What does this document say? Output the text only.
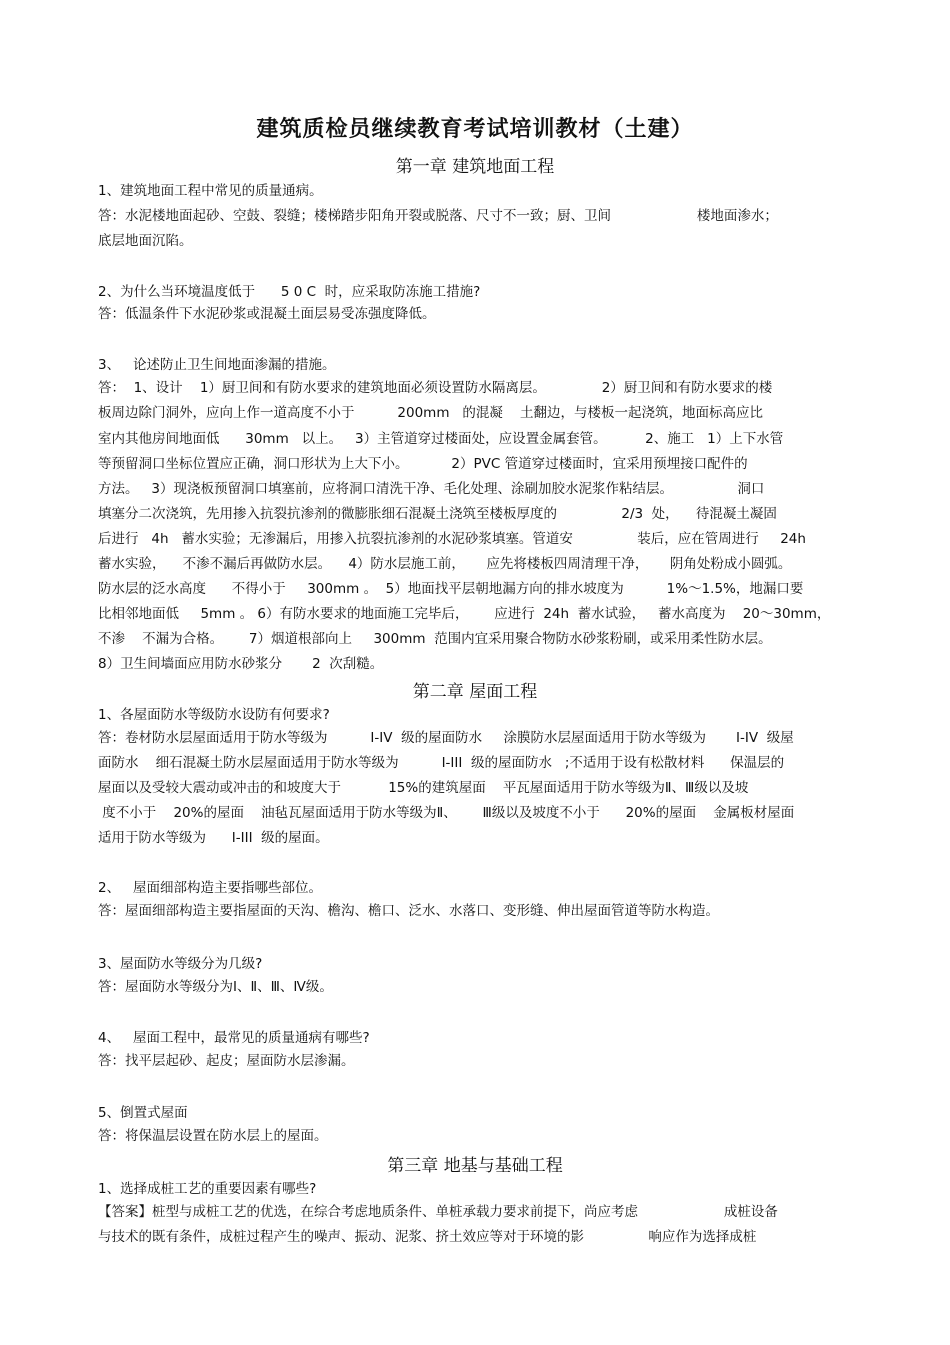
建筑质检员继续教育考试培训教材（土建）
第一章 建筑地面工程
1、建筑地面工程中常见的质量通病。
答：水泥楼地面起砂、空鼓、裂缝；楼梯踏步阳角开裂或脱落、尺寸不一致；厨、卫间                    楼地面渗水；
底层地面沉陷。
2、为什么当环境温度低于      5 0 C  时，应采取防冻施工措施?
答：低温条件下水泥砂浆或混凝土面层易受冻强度降低。
3、   论述防止卫生间地面渗漏的措施。
答：  1、设计    1）厨卫间和有防水要求的建筑地面必须设置防水隔离层。             2）厨卫间和有防水要求的楼
板周边除门洞外，应向上作一道高度不小于          200mm   的混凝    土翻边，与楼板一起浇筑，地面标高应比
室内其他房间地面低      30mm   以上。   3）主管道穿过楼面处，应设置金属套管。         2、施工   1）上下水管
等预留洞口坐标位置应正确，洞口形状为上大下小。          2）PVC 管道穿过楼面时，宜采用预埋接口配件的
方法。   3）现浇板预留洞口填塞前，应将洞口清洗干净、毛化处理、涂刷加胶水泥浆作粘结层。               洞口
填塞分二次浇筑，先用掺入抗裂抗渗剂的微膨胀细石混凝土浇筑至楼板厚度的               2/3  处，    待混凝土凝固
后进行   4h   蓄水实验；无渗漏后，用掺入抗裂抗渗剂的水泥砂浆填塞。管道安               装后，应在管周进行     24h
蓄水实验，    不渗不漏后再做防水层。    4）防水层施工前，     应先将楼板四周清理干净，     阴角处粉成小圆弧。
防水层的泛水高度      不得小于     300mm 。  5）地面找平层朝地漏方向的排水坡度为          1%～1.5%，地漏口要
比相邻地面低     5mm 。 6）有防水要求的地面施工完毕后，      应进行  24h  蓄水试验，   蓄水高度为    20～30mm，
不渗    不漏为合格。      7）烟道根部向上     300mm  范围内宜采用聚合物防水砂浆粉刷，或采用柔性防水层。
8）卫生间墙面应用防水砂浆分       2  次刮糙。
第二章 屋面工程
1、各屋面防水等级防水设防有何要求?
答：卷材防水层屋面适用于防水等级为          I-IV  级的屋面防水     涂膜防水层屋面适用于防水等级为       I-IV  级屋
面防水    细石混凝土防水层屋面适用于防水等级为          I-III  级的屋面防水   ;不适用于设有松散材料      保温层的
屋面以及受较大震动或冲击的和坡度大于           15%的建筑屋面    平瓦屋面适用于防水等级为Ⅱ、Ⅲ级以及坡
度不小于    20%的屋面    油毡瓦屋面适用于防水等级为Ⅱ、      Ⅲ级以及坡度不小于      20%的屋面    金属板材屋面
适用于防水等级为      I-III  级的屋面。
2、   屋面细部构造主要指哪些部位。
答：屋面细部构造主要指屋面的天沟、檐沟、檐口、泛水、水落口、变形缝、伸出屋面管道等防水构造。
3、屋面防水等级分为几级?
答：屋面防水等级分为Ⅰ、Ⅱ、Ⅲ、Ⅳ级。
4、   屋面工程中，最常见的质量通病有哪些?
答：找平层起砂、起皮；屋面防水层渗漏。
5、倒置式屋面
答：将保温层设置在防水层上的屋面。
第三章 地基与基础工程
1、选择成桩工艺的重要因素有哪些?
【答案】桩型与成桩工艺的优选，在综合考虑地质条件、单桩承载力要求前提下，尚应考虑                    成桩设备
与技术的既有条件，成桩过程产生的噪声、振动、泥浆、挤土效应等对于环境的影               响应作为选择成桩
